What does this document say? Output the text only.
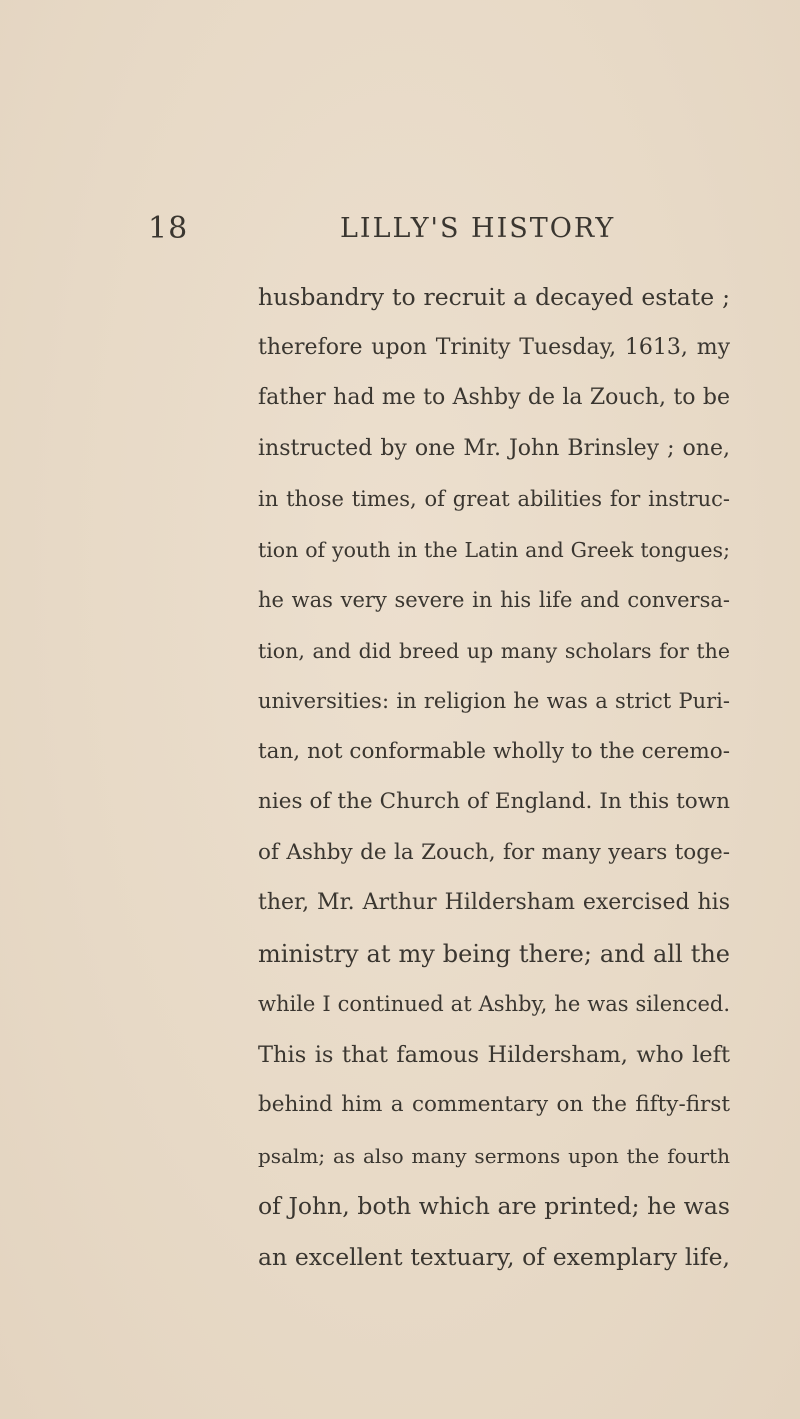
18	LILLY'S HISTORY
husbandry to recruit a decayed estate ;
therefore upon Trinity Tuesday, 1613, my
father had me to Ashby de la Zouch, to be
instructed by one Mr. John Brinsley ; one,
in those times, of great abilities for instruc-
tion of youth in the Latin and Greek tongues;
he was very severe in his life and conversa-
tion, and did breed up many scholars for the
universities: in religion he was a strict Puri-
tan, not conformable wholly to the ceremo-
nies of the Church of England. In this town
of Ashby de la Zouch, for many years toge-
ther, Mr. Arthur Hildersham exercised his
ministry at my being there; and all the
while I continued at Ashby, he was silenced.
This is that famous Hildersham, who left
behind him a commentary on the fifty-first
psalm; as also many sermons upon the fourth
of John, both which are printed; he was
an excellent textuary, of exemplary life,
